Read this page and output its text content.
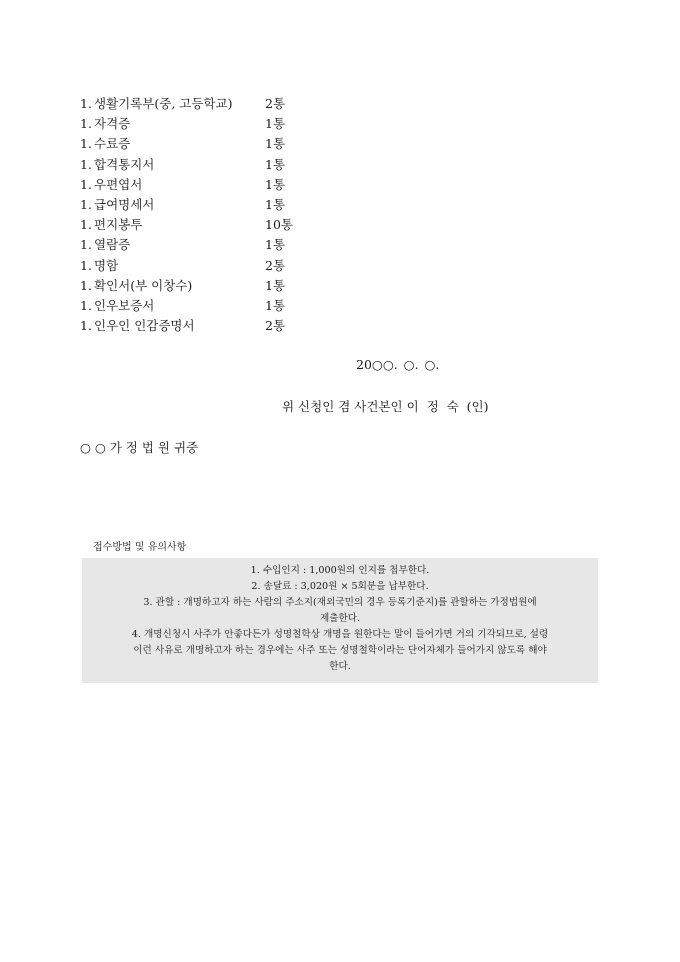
1. 생활기록부(중, 고등학교)	2통
1. 자격증	1통
1. 수료증	1통
1. 합격통지서	1통
1. 우편엽서	1통
1. 급여명세서	1통
1. 편지봉투	10통
1. 열람증	1통
1. 명함	2통
1. 확인서(부 이창수)	1통
1. 인우보증서	1통
1. 인우인 인감증명서	2통
20○○. ○. ○.
위 신청인 겸 사건본인 이  정  숙  (인)
○ ○ 가 정 법 원 귀중
접수방법 및 유의사항
1. 수입인지 : 1,000원의 인지를 첩부한다.
2. 송달료 : 3,020원 × 5회분을 납부한다.
3. 관할 : 개명하고자 하는 사람의 주소지(재외국민의 경우 등록기준지)를 관할하는 가정법원에
제출한다.
4. 개명신청시 사주가 안좋다든가 성명철학상 개명을 원한다는 말이 들어가면 거의 기각되므로, 설령
이런 사유로 개명하고자 하는 경우에는 사주 또는 성명철학이라는 단어자체가 들어가지 않도록 해야
한다.
